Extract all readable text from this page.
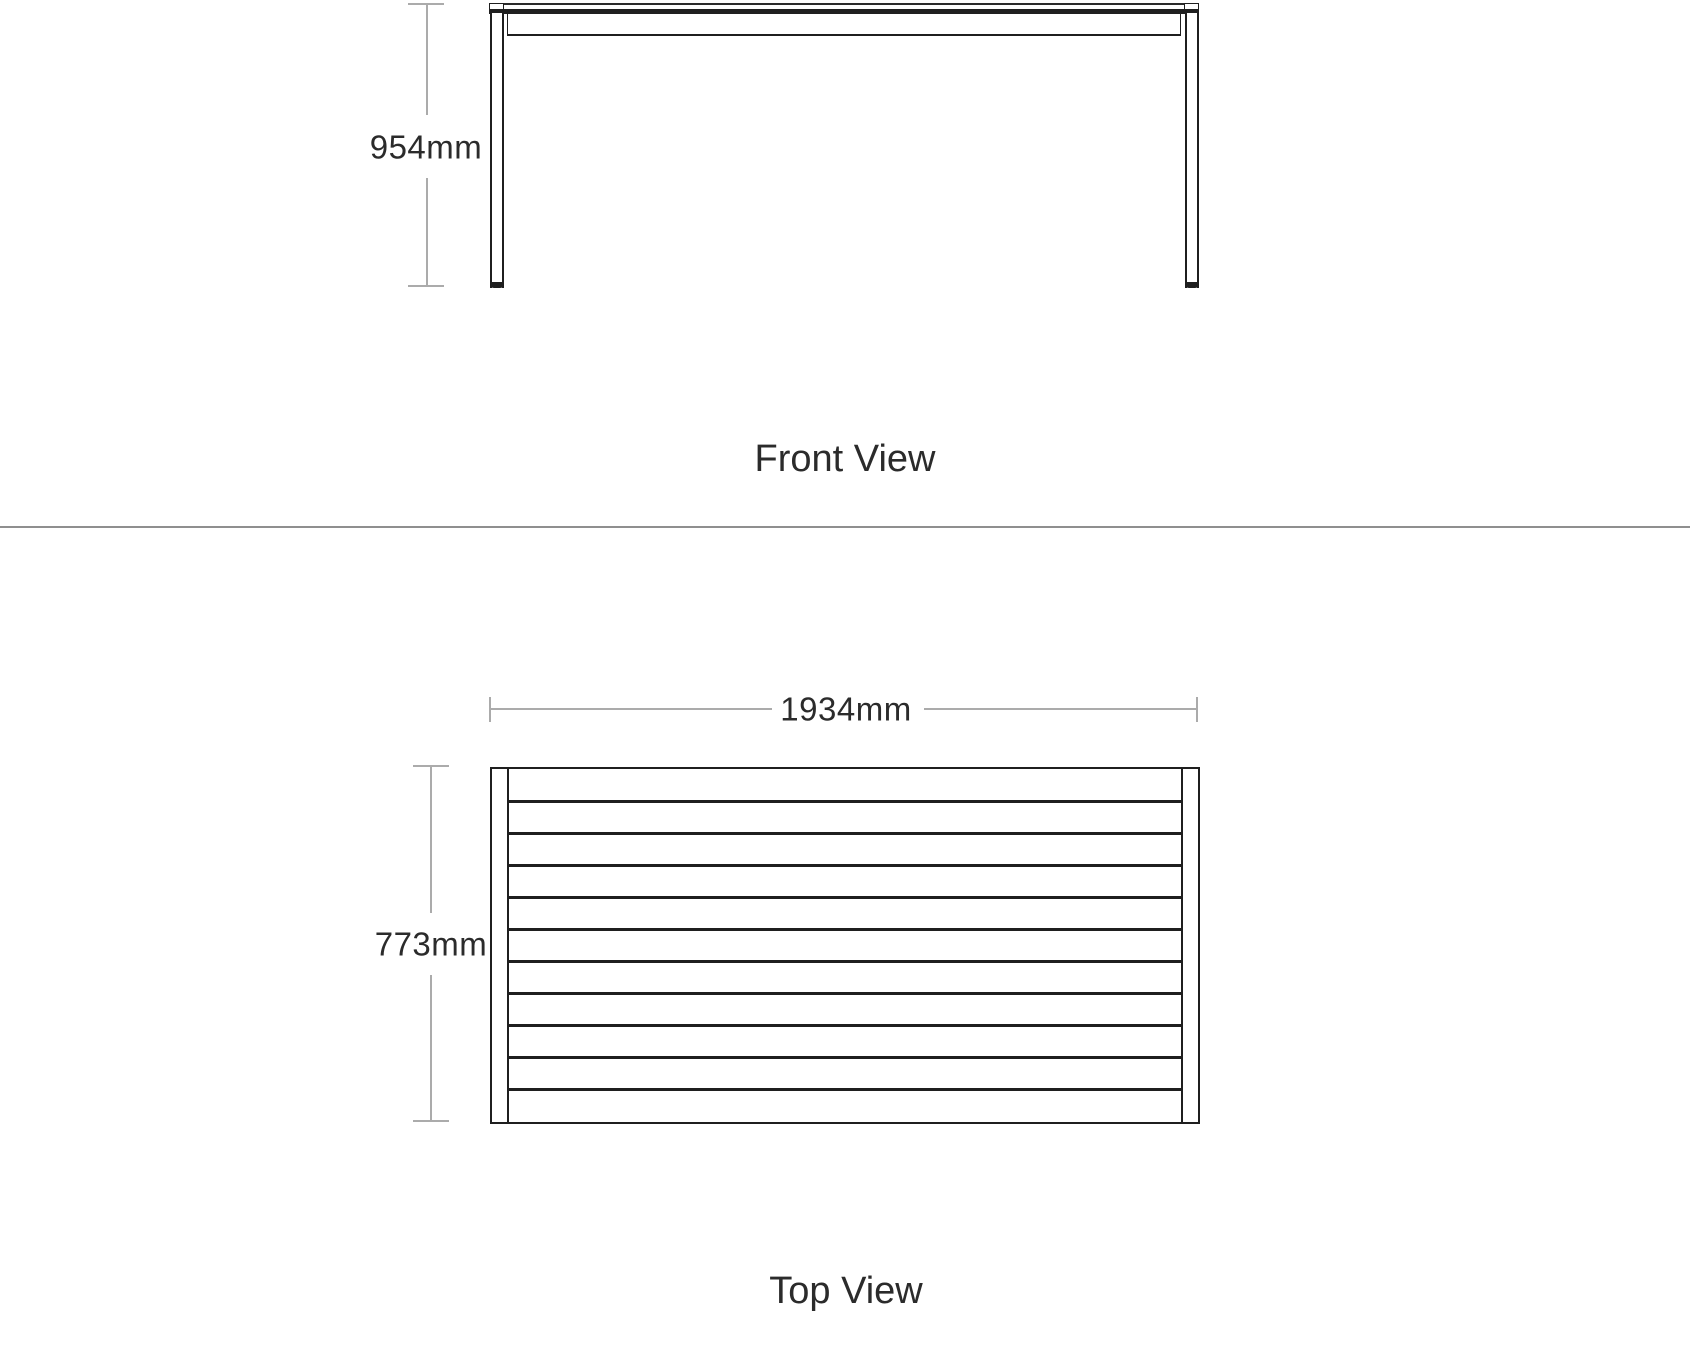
954mm
Front View
1934mm
773mm
Top View
